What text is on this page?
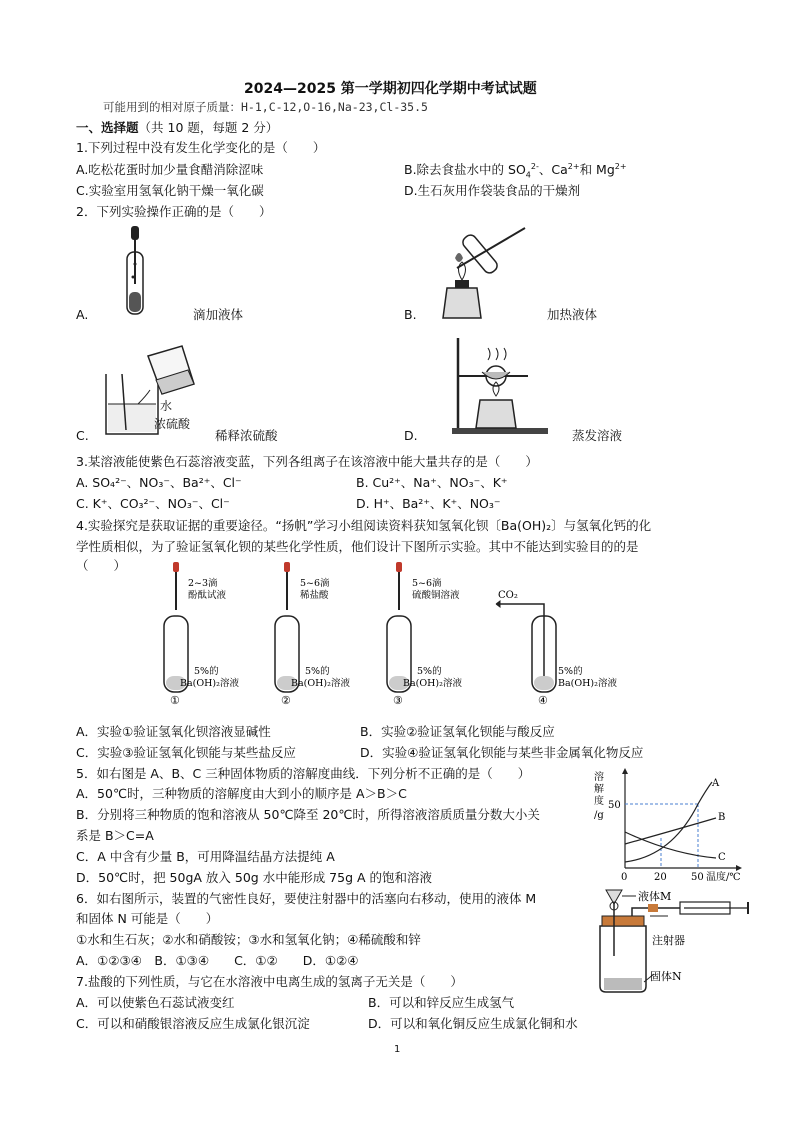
2024—2025 第一学期初四化学期中考试试题
可能用到的相对原子质量：H-1,C-12,O-16,Na-23,Cl-35.5
一、选择题（共 10 题，每题 2 分）
1.下列过程中没有发生化学变化的是（　　）
A.吃松花蛋时加少量食醋消除涩味	B.除去食盐水中的 $SO_4^{2-}$、$Ca^{2+}$和 $Mg^{2+}$
C.实验室用氢氧化钠干燥一氧化碳	D.生石灰用作袋装食品的干燥剂
2．下列实验操作正确的是（　　）
A.	滴加液体	B.	加热液体
水
浓硫酸
C.	稀释浓硫酸	D.	蒸发溶液
3.某溶液能使紫色石蕊溶液变蓝，下列各组离子在该溶液中能大量共存的是（　　）
A. SO₄²⁻、NO₃⁻、Ba²⁺、Cl⁻	B. Cu²⁺、Na⁺、NO₃⁻、K⁺
C. K⁺、CO₃²⁻、NO₃⁻、Cl⁻	D. H⁺、Ba²⁺、K⁺、NO₃⁻
4.实验探究是获取证据的重要途径。“扬帆”学习小组阅读资料获知氢氧化钡〔Ba(OH)₂〕与氢氧化钙的化
学性质相似，为了验证氢氧化钡的某些化学性质，他们设计下图所示实验。其中不能达到实验目的的是
（　　）
2~3滴
酚酞试液
5%的
Ba(OH)₂溶液
①
5~6滴
稀盐酸
5%的
Ba(OH)₂溶液
②
5~6滴
硫酸铜溶液
5%的
Ba(OH)₂溶液
③
CO₂
5%的
Ba(OH)₂溶液
④
A．实验①验证氢氧化钡溶液显碱性	B．实验②验证氢氧化钡能与酸反应
C．实验③验证氢氧化钡能与某些盐反应	D．实验④验证氢氧化钡能与某些非金属氧化物反应
5．如右图是 A、B、C 三种固体物质的溶解度曲线．下列分析不正确的是（　　）
A．50℃时，三种物质的溶解度由大到小的顺序是 A＞B＞C
B．分别将三种物质的饱和溶液从 50℃降至 20℃时，所得溶液溶质质量分数大小关
系是 B＞C=A
C．A 中含有少量 B，可用降温结晶方法提纯 A
D．50℃时，把 50gA 放入 50g 水中能形成 75g A 的饱和溶液
溶
解
度
/g
50
0	20 50 温度/℃
A
B
C
6．如右图所示，装置的气密性良好，要使注射器中的活塞向右移动，使用的液体 M
和固体 N 可能是（　　）
①水和生石灰；②水和硝酸铵；③水和氢氧化钠；④稀硫酸和锌
A．①②③④　B．①③④　　C．①②　　D．①②④
液体M
注射器
固体N
7.盐酸的下列性质，与它在水溶液中电离生成的氢离子无关是（　　）
A．可以使紫色石蕊试液变红	B．可以和锌反应生成氢气
C．可以和硝酸银溶液反应生成氯化银沉淀	D．可以和氧化铜反应生成氯化铜和水
1
